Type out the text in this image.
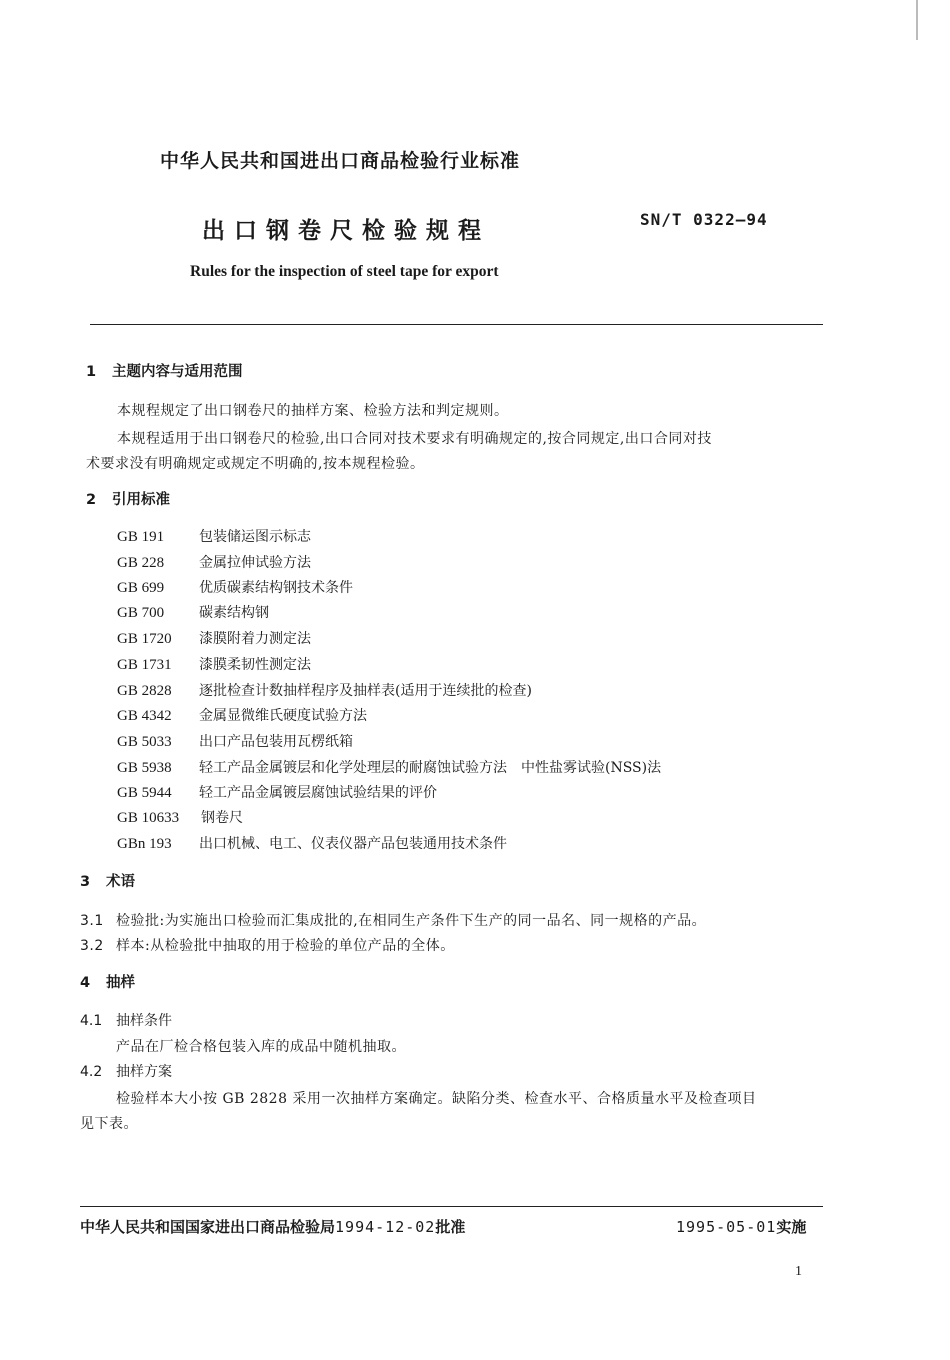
中华人民共和国进出口商品检验行业标准
出口钢卷尺检验规程	SN/T 0322—94
Rules for the inspection of steel tape for export
1 主题内容与适用范围
本规程规定了出口钢卷尺的抽样方案、检验方法和判定规则。
本规程适用于出口钢卷尺的检验,出口合同对技术要求有明确规定的,按合同规定,出口合同对技
术要求没有明确规定或规定不明确的,按本规程检验。
2 引用标准
GB 191 包装储运图示标志
GB 228 金属拉伸试验方法
GB 699 优质碳素结构钢技术条件
GB 700 碳素结构钢
GB 1720 漆膜附着力测定法
GB 1731 漆膜柔韧性测定法
GB 2828 逐批检查计数抽样程序及抽样表(适用于连续批的检查)
GB 4342 金属显微维氏硬度试验方法
GB 5033 出口产品包装用瓦楞纸箱
GB 5938 轻工产品金属镀层和化学处理层的耐腐蚀试验方法　中性盐雾试验(NSS)法
GB 5944 轻工产品金属镀层腐蚀试验结果的评价
GB 10633 钢卷尺
GBn 193 出口机械、电工、仪表仪器产品包装通用技术条件
3 术语
3.1 检验批:为实施出口检验而汇集成批的,在相同生产条件下生产的同一品名、同一规格的产品。
3.2 样本:从检验批中抽取的用于检验的单位产品的全体。
4 抽样
4.1 抽样条件
产品在厂检合格包装入库的成品中随机抽取。
4.2 抽样方案
检验样本大小按 GB 2828 采用一次抽样方案确定。缺陷分类、检查水平、合格质量水平及检查项目
见下表。
中华人民共和国国家进出口商品检验局1994-12-02批准	1995-05-01实施
1
